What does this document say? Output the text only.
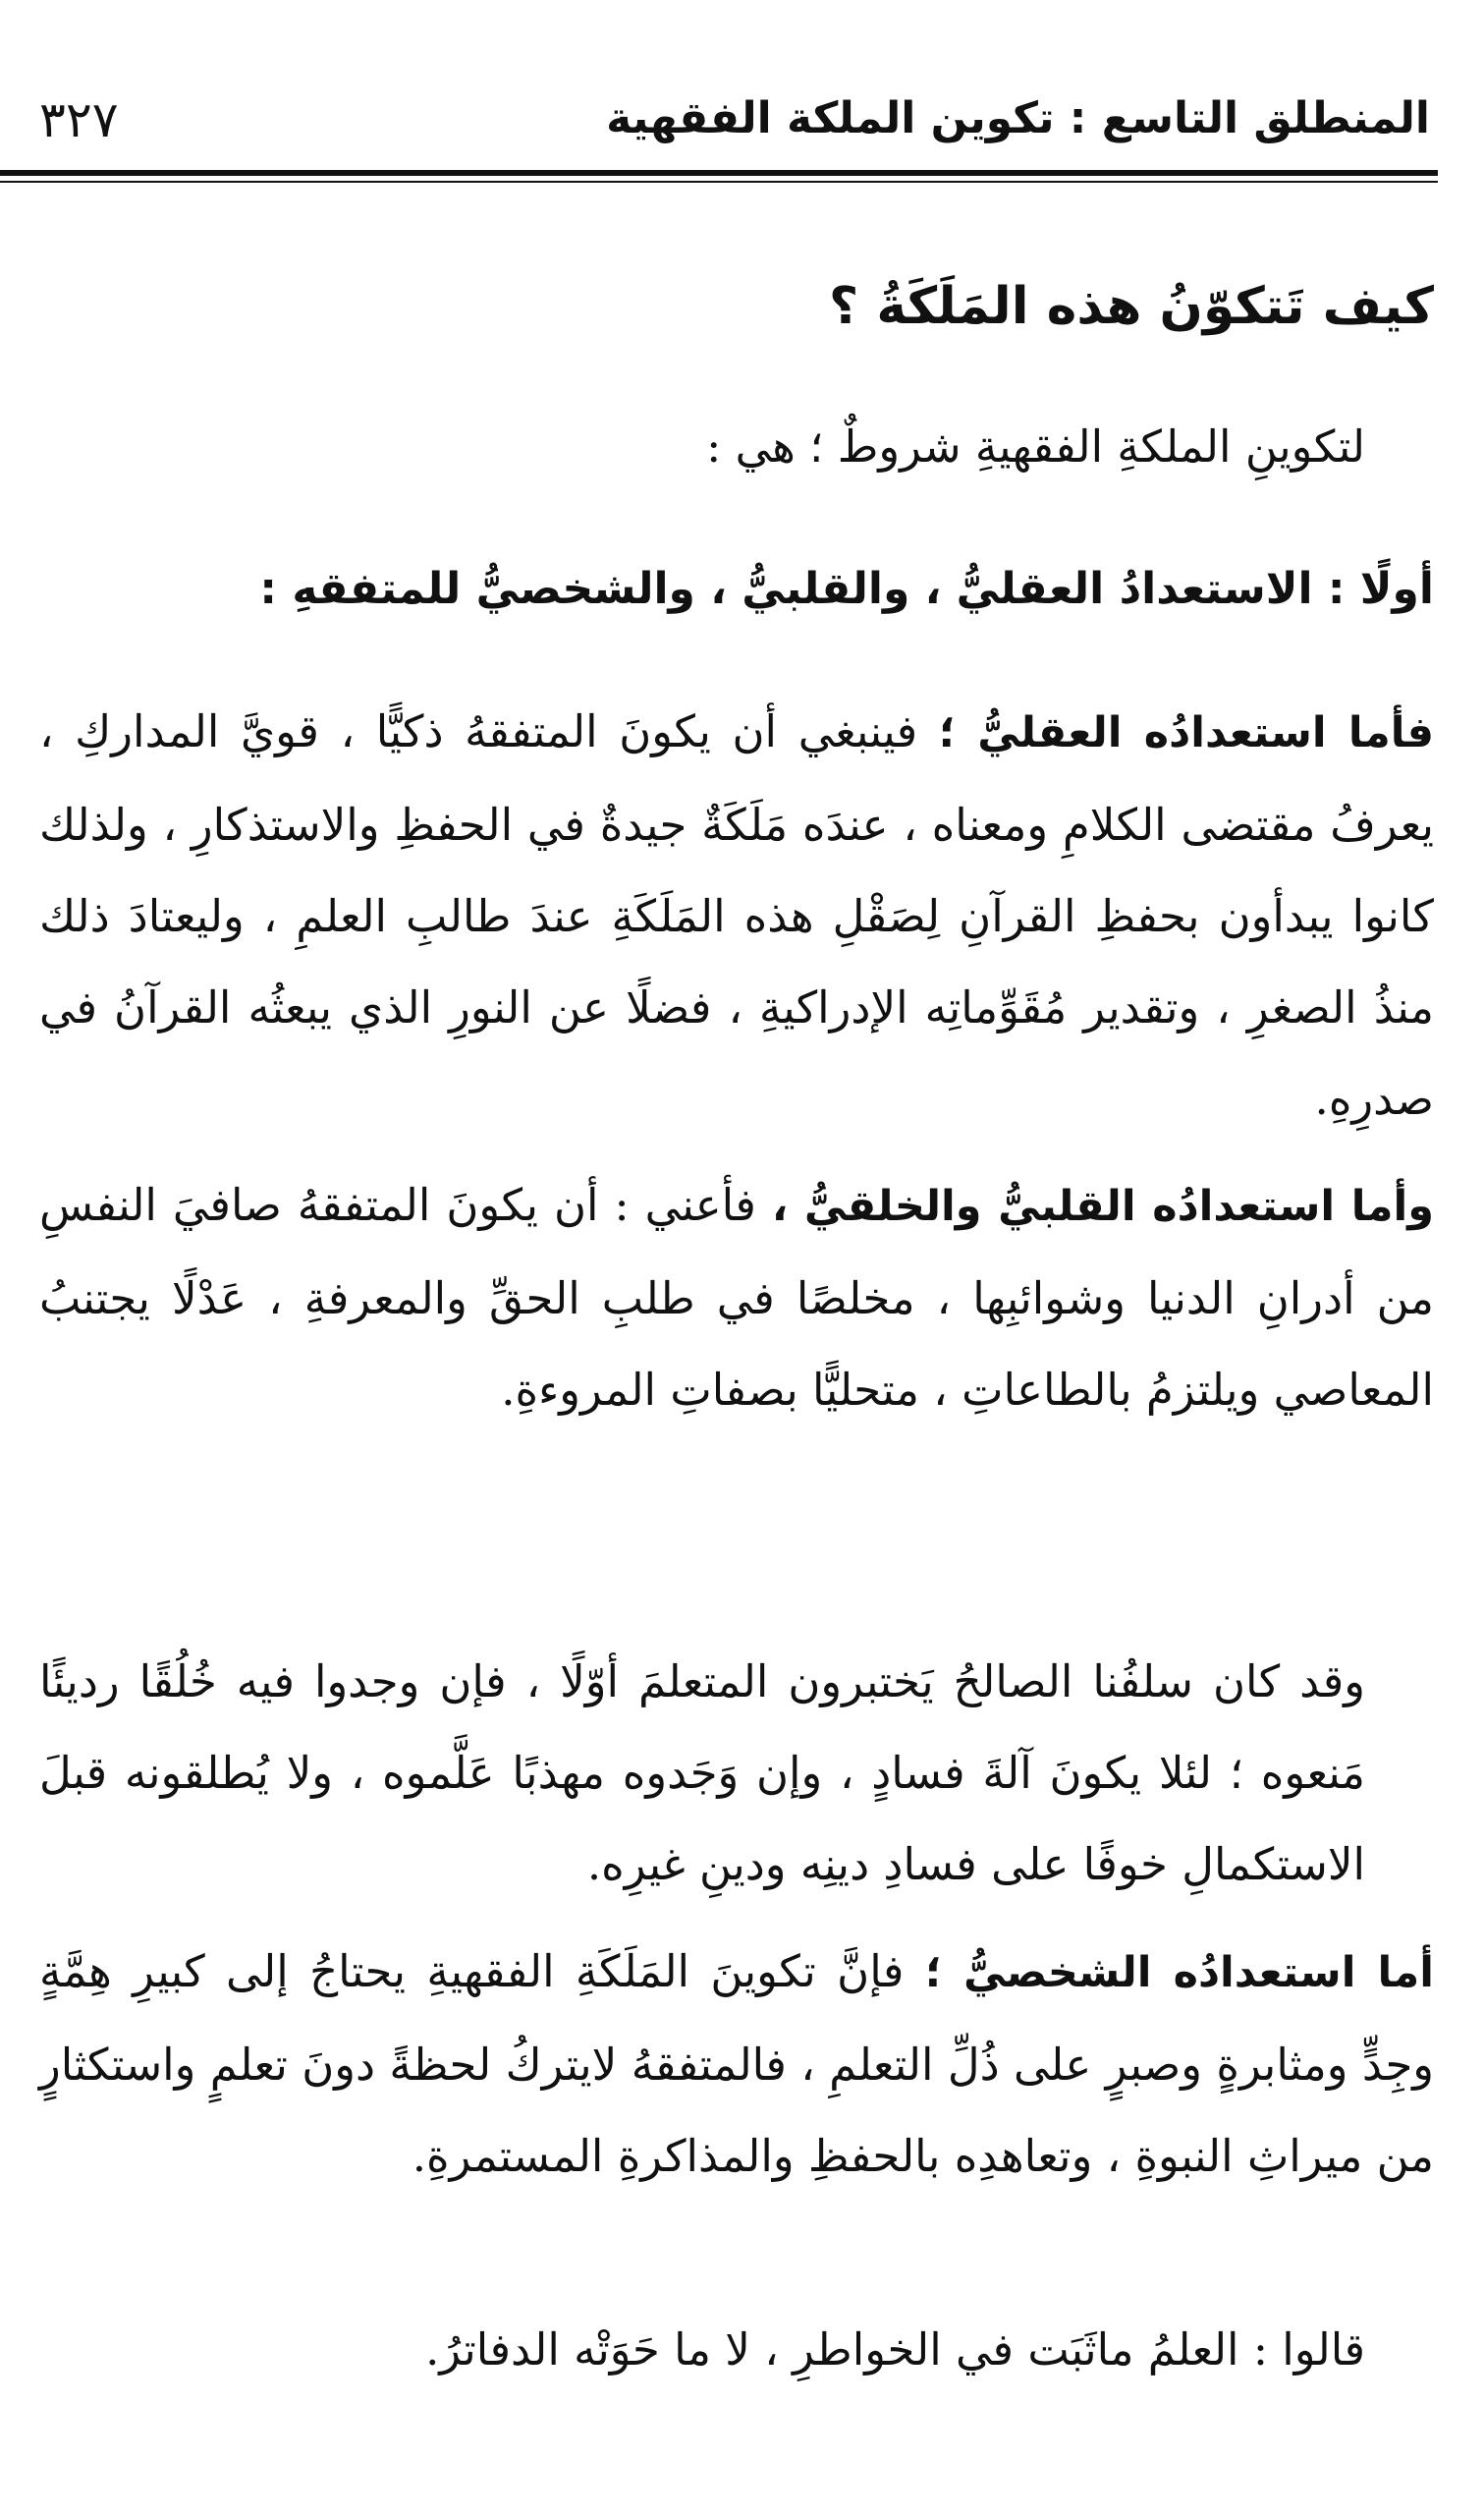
المنطلق التاسع : تكوين الملكة الفقهية
٣٢٧
كيف تَتكوّنُ هذه المَلَكَةُ ؟
لتكوينِ الملكةِ الفقهيةِ شروطٌ ؛ هي :
أولًا : الاستعدادُ العقليُّ ، والقلبيُّ ، والشخصيُّ للمتفقهِ :
فأما استعدادُه العقليُّ ؛ فينبغي أن يكونَ المتفقهُ ذكيًّا ، قويَّ المداركِ ، يعرفُ مقتضى الكلامِ ومعناه ، عندَه مَلَكَةٌ جيدةٌ في الحفظِ والاستذكارِ ، ولذلك كانوا يبدأون بحفظِ القرآنِ لِصَقْلِ هذه المَلَكَةِ عندَ طالبِ العلمِ ، وليعتادَ ذلك منذُ الصغرِ ، وتقدير مُقَوِّماتِه الإدراكيةِ ، فضلًا عن النورِ الذي يبعثُه القرآنُ في صدرِهِ.
وأما استعدادُه القلبيُّ والخلقيُّ ، فأعني : أن يكونَ المتفقهُ صافيَ النفسِ من أدرانِ الدنيا وشوائبِها ، مخلصًا في طلبِ الحقِّ والمعرفةِ ، عَدْلًا يجتنبُ المعاصي ويلتزمُ بالطاعاتِ ، متحليًّا بصفاتِ المروءةِ.
وقد كان سلفُنا الصالحُ يَختبرون المتعلمَ أوّلًا ، فإن وجدوا فيه خُلُقًا رديئًا مَنعوه ؛ لئلا يكونَ آلةَ فسادٍ ، وإن وَجَدوه مهذبًا عَلَّموه ، ولا يُطلقونه قبلَ الاستكمالِ خوفًا على فسادِ دينِه ودينِ غيرِه.
أما استعدادُه الشخصيُّ ؛ فإنَّ تكوينَ المَلَكَةِ الفقهيةِ يحتاجُ إلى كبيرِ هِمَّةٍ وجِدٍّ ومثابرةٍ وصبرٍ على ذُلِّ التعلمِ ، فالمتفقهُ لايتركُ لحظةً دونَ تعلمٍ واستكثارٍ من ميراثِ النبوةِ ، وتعاهدِه بالحفظِ والمذاكرةِ المستمرةِ.
قالوا : العلمُ ماثَبَت في الخواطرِ ، لا ما حَوَتْه الدفاترُ.
